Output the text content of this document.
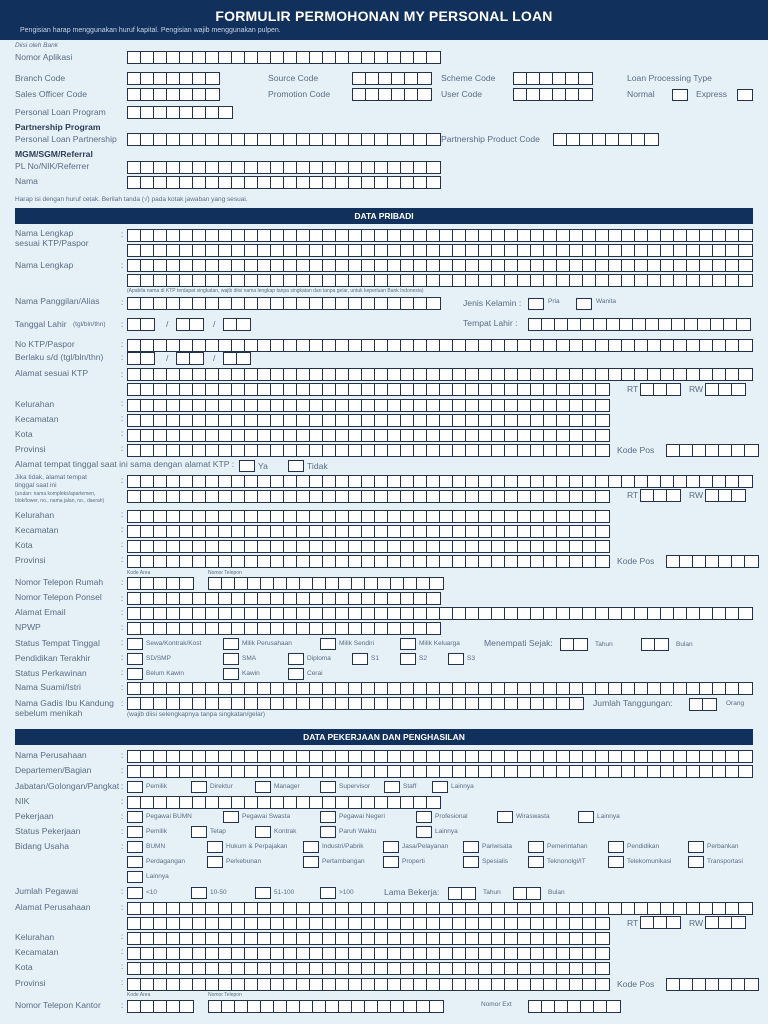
FORMULIR PERMOHONAN MY PERSONAL LOAN
Pengisian harap menggunakan huruf kapital. Pengisian wajib menggunakan pulpen.
Diisi oleh Bank
Nomor Aplikasi
Branch Code	Source Code	Scheme Code	Loan Processing Type
Sales Officer Code	Promotion Code	User Code	Normal	Express
Personal Loan Program
Partnership Program
Personal Loan Partnership	Partnership Product Code
MGM/SGM/Referral
PL No/NIK/Referrer
Nama
Harap isi dengan huruf cetak. Berilah tanda (√) pada kotak jawaban yang sesuai.
DATA PRIBADI
Nama Lengkap
sesuai KTP/Paspor
:
Nama Lengkap	:
(Apabila nama di KTP terdapat singkatan, wajib diisi nama lengkap tanpa singkatan dan tanpa gelar, untuk keperluan Bank Indonesia)
Nama Panggilan/Alias	:	Jenis Kelamin :	Pria	Wanita
Tanggal Lahir (tgl/bln/thn) :	Tempat Lahir :
No KTP/Paspor	:
Berlaku s/d (tgl/bln/thn) :
Alamat sesuai KTP	:
RT	RW
Kelurahan	:
Kecamatan	:
Kota	:
Provinsi	:	Kode Pos
Alamat tempat tinggal saat ini sama dengan alamat KTP :	Ya	Tidak
Jika tidak, alamat tempat
tinggal saat ini
(urutan: nama kompleks/apartemen,
blok/tower, no., nama jalan, no., daerah)
:
RT	RW
Kelurahan	:
Kecamatan	:
Kota	:
Provinsi	:	Kode Pos
Kode Area	Nomor Telepon
Nomor Telepon Rumah :
Nomor Telepon Ponsel :
Alamat Email	:
NPWP	:
Status Tempat Tinggal	:	Sewa/Kontrak/Kost	Milik Perusahaan	Milik Sendiri	Milik Keluarga	Menempati Sejak:	Tahun	Bulan
Pendidikan Terakhir	:	SD/SMP	SMA	Diploma	S1	S2	S3
Status Perkawinan	:	Belum Kawin	Kawin	Cerai
Nama Suami/Istri	:
Nama Gadis Ibu Kandung
sebelum menikah
:
(wajib diisi selengkapnya tanpa singkatan/gelar)
Jumlah Tanggungan:	Orang
DATA PEKERJAAN DAN PENGHASILAN
Nama Perusahaan	:
Departemen/Bagian	:
Jabatan/Golongan/Pangkat :	Pemilik	Direktur	Manager	Supervisor	Staff	Lainnya
NIK	:
Pekerjaan	:	Pegawai BUMN	Pegawai Swasta	Pegawai Negeri	Profesional	Wiraswasta	Lainnya
Status Pekerjaan	:	Pemilik	Tetap	Kontrak	Paruh Waktu	Lainnya
Bidang Usaha	:	BUMN	Hukum & Perpajakan	Industri/Pabrik	Jasa/Pelayanan	Pariwisata	Pemerintahan	Pendidikan	Perbankan
Perdagangan	Perkebunan	Pertambangan	Properti	Spesialis	Teknonolgi/IT	Telekomunikasi	Transportasi
Lainnya
Jumlah Pegawai	:	<10	10-50	51-100	>100	Lama Bekerja:	Tahun	Bulan
Alamat Perusahaan	:
RT	RW
Kelurahan	:
Kecamatan	:
Kota	:
Provinsi	:	Kode Pos
Kode Area	Nomor Telepon
Nomor Telepon Kantor	:	Nomor Ext
/	/
/	/
